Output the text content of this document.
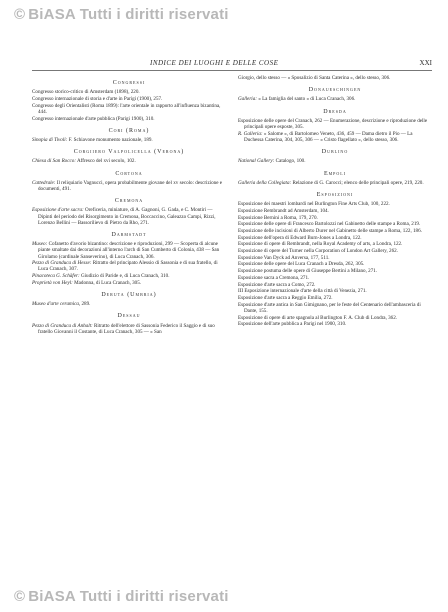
© BiASA Tutti i diritti riservati
INDICE DEI LUOGHI E DELLE COSE	XXI
Congressi
Congresso storico-critico di Amsterdam (1898), 220.
Congresso internazionale di storia e d'arte in Parigi (1900), 257.
Congresso degli Orientalisti (Roma 1899): l'arte orientale in rapporto all'influenza bizantina, 444.
Congresso internazionale d'arte pubblica (Parigi 1900), 310.
Cori (Roma)
Sinopia di Tivoli: F. Schiavone monumento nazionale, 189.
Corgiiero Valpolicella (Verona)
Chiesa di San Rocco: Affresco del xvi secolo, 102.
Cortona
Cattedrale: Il reliquiario Vagnucci, opera probabilmente giovane del xv secolo: descrizione e documenti, 491.
Cremona
Esposizione d'arte sacra: Oreficeria, miniature, di A. Gagnoni, G. Gada, e C. Montiri — Dipinti del periodo del Risorgimento in Cremona, Boccaccino, Galeazzo Campi, Rizzi, Lorenzo Bellini — Bassorilievo di Pietro da Rho, 271.
Darmstadt
Museo: Cofanetto d'avorio bizantino: descrizione e riproduzioni, 299 — Scoperta di alcune piante smaltate dai decorazioni all'interno l'arch di San Cumberto di Colonia, 438 — San Girolamo (cardinale Sanseverino), di Luca Cranach, 306.
Pezzo di Granduca di Hesse: Ritratto del principato Alessio di Sassonia e di sua fratello, di Luca Cranach, 307.
Pinacoteca G. Schäfer: Giudizio di Paride e, di Luca Cranach, 310.
Proprietà von Heyl: Madonna, di Luca Cranach, 305.
Deruta (Umbria)
Museo d'arte ceramica, 289.
Dessau
Pezzo di Granduca di Anhalt: Ritratto dell'elettore di Sassonia Federico il Saggio e di suo fratello Giovanni il Costante, di Luca Cranach, 305 — « San
Giorgio, dello stesso — « Sposalizio di Santa Caterina », dello stesso, 306.
Donaueschingen
Galleria: « La famiglia del santo » di Luca Cranach, 306.
Dresda
Esposizione delle opere del Cranach, 262 — Enumerazione, descrizione e riproduzione delle principali opere esposte, 305.
R. Galleria: « Salome », di Bartolomeo Veneto, 436, 459 — Dama dietro il Pio — La Duchessa Caterina, 304, 305, 306 — « Cristo flagellato », dello stesso, 306.
Dublino
National Gallery: Catalogo, 100.
Empoli
Galleria della Collegiata: Relazione di G. Carocci; elenco delle principali opere, 219, 220.
Esposizioni
Esposizione dei maestri lombardi nel Burlington Fine Arts Club, 100, 222.
Esposizione Rembrandt ad Amsterdam, 104.
Esposizione Bernini a Roma, 179, 270.
Esposizione delle opere di Francesco Bartolozzi nel Gabinetto delle stampe a Roma, 219.
Esposizione delle incisioni di Alberto Durer nel Gabinetto delle stampe a Roma, 122, 186.
Esposizione dell'opera di Edward Burn-Jones a Londra, 122.
Esposizione di opere di Rembrandt, nella Royal Academy of arts, a Londra, 122.
Esposizione di opere del Turner nella Corporation of London Art Gallery, 262.
Esposizione Van Dyck ad Anversa, 177, 511.
Esposizione delle opere del Luca Cranach a Dresda, 262, 305.
Esposizione postuma delle opere di Giuseppe Bertini a Milano, 271.
Esposizione sacra a Cremona, 271.
Esposizione d'arte sacra a Como, 272.
III Esposizione internazionale d'arte della città di Venezia, 271.
Esposizione d'arte sacra a Reggio Emilia, 272.
Esposizione d'arte antica in San Gimignano, per le feste del Centenario dell'ambasceria di Dante, 155.
Esposizione di opere di arte spagnola al Burlington F. A. Club di Londra, 362.
Esposizione dell'arte pubblica a Parigi nel 1900, 310.
© BiASA Tutti i diritti riservati
